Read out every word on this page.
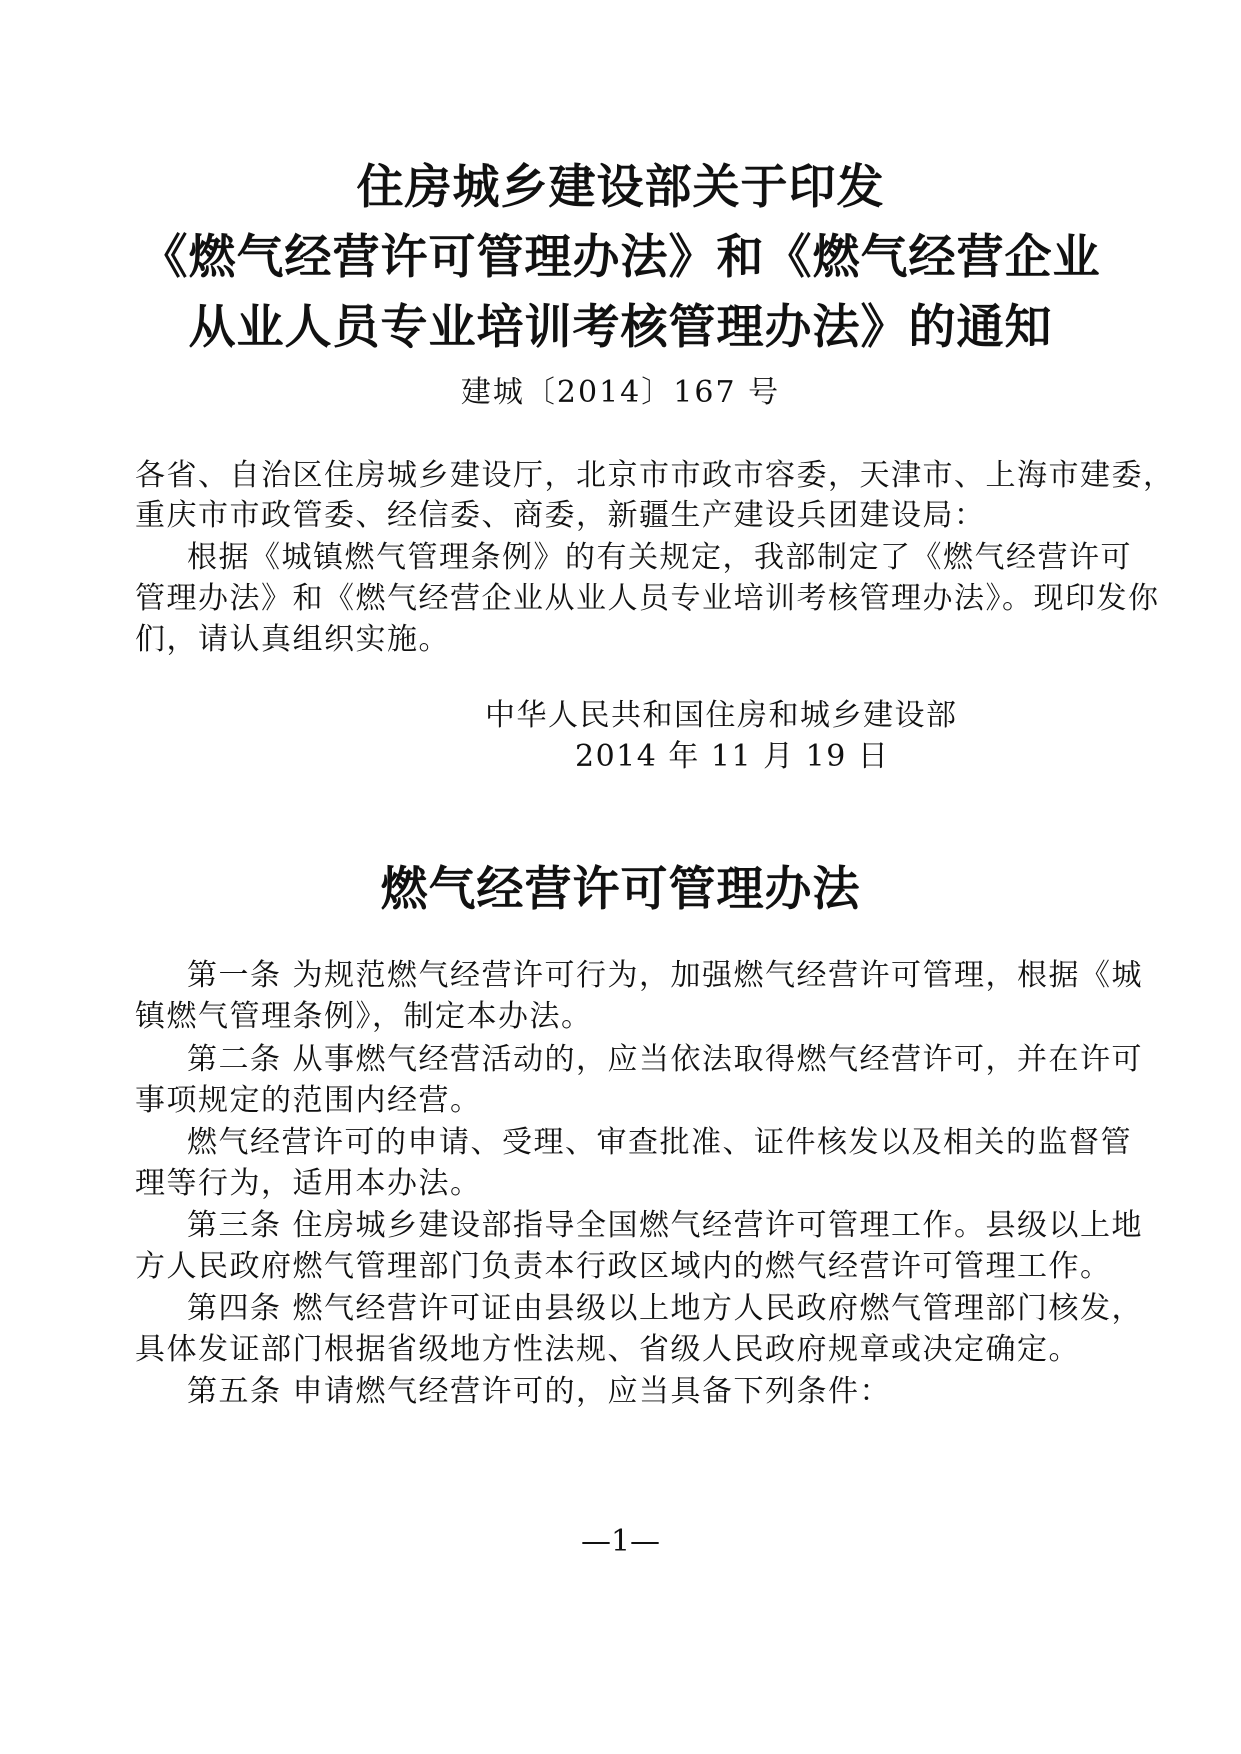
住房城乡建设部关于印发
《燃气经营许可管理办法》和《燃气经营企业
从业人员专业培训考核管理办法》的通知
建城〔2014〕167 号
各省、自治区住房城乡建设厅，北京市市政市容委，天津市、上海市建委，
重庆市市政管委、经信委、商委，新疆生产建设兵团建设局：
根据《城镇燃气管理条例》的有关规定，我部制定了《燃气经营许可
管理办法》和《燃气经营企业从业人员专业培训考核管理办法》。现印发你
们，请认真组织实施。
中华人民共和国住房和城乡建设部
2014 年 11 月 19 日
燃气经营许可管理办法
第一条 为规范燃气经营许可行为，加强燃气经营许可管理，根据《城
镇燃气管理条例》，制定本办法。
第二条 从事燃气经营活动的，应当依法取得燃气经营许可，并在许可
事项规定的范围内经营。
燃气经营许可的申请、受理、审查批准、证件核发以及相关的监督管
理等行为，适用本办法。
第三条 住房城乡建设部指导全国燃气经营许可管理工作。县级以上地
方人民政府燃气管理部门负责本行政区域内的燃气经营许可管理工作。
第四条 燃气经营许可证由县级以上地方人民政府燃气管理部门核发，
具体发证部门根据省级地方性法规、省级人民政府规章或决定确定。
第五条 申请燃气经营许可的，应当具备下列条件：
—1—
